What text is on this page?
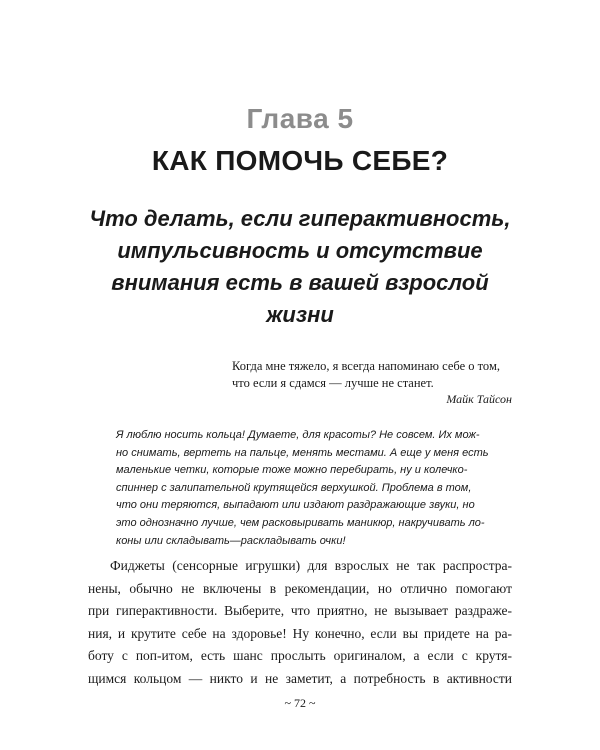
Глава 5
КАК ПОМОЧЬ СЕБЕ?
Что делать, если гиперактивность,
импульсивность и отсутствие
внимания есть в вашей взрослой
жизни
Когда мне тяжело, я всегда напоминаю себе о том,
что если я сдамся — лучше не станет.
Майк Тайсон
Я люблю носить кольца! Думаете, для красоты? Не совсем. Их мож-
но снимать, вертеть на пальце, менять местами. А еще у меня есть
маленькие четки, которые тоже можно перебирать, ну и колечко-
спиннер с залипательной крутящейся верхушкой. Проблема в том,
что они теряются, выпадают или издают раздражающие звуки, но
это однозначно лучше, чем расковыривать маникюр, накручивать ло-
коны или складывать—раскладывать очки!
Фиджеты (сенсорные игрушки) для взрослых не так распростра-
нены, обычно не включены в рекомендации, но отлично помогают
при гиперактивности. Выберите, что приятно, не вызывает раздраже-
ния, и крутите себе на здоровье! Ну конечно, если вы придете на ра-
боту с поп-итом, есть шанс прослыть оригиналом, а если с крутя-
щимся кольцом — никто и не заметит, а потребность в активности
~ 72 ~
